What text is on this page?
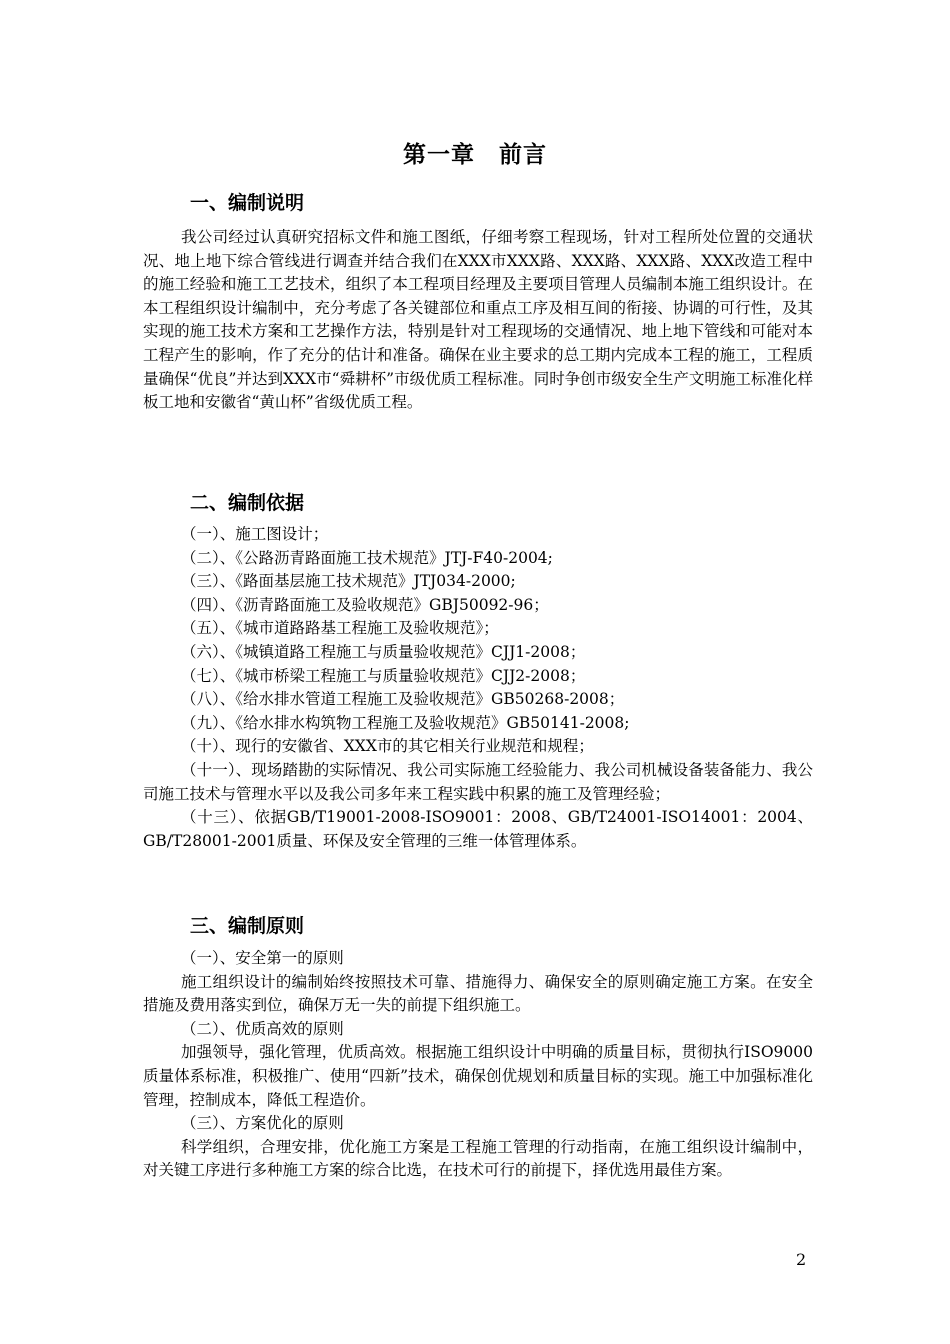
第一章　前言
一、编制说明
我公司经过认真研究招标文件和施工图纸，仔细考察工程现场，针对工程所处位置的交通状况、地上地下综合管线进行调查并结合我们在XXX市XXX路、XXX路、XXX路、XXX改造工程中的施工经验和施工工艺技术，组织了本工程项目经理及主要项目管理人员编制本施工组织设计。在本工程组织设计编制中，充分考虑了各关键部位和重点工序及相互间的衔接、协调的可行性，及其实现的施工技术方案和工艺操作方法，特别是针对工程现场的交通情况、地上地下管线和可能对本工程产生的影响，作了充分的估计和准备。确保在业主要求的总工期内完成本工程的施工，工程质量确保“优良”并达到XXX市“舜耕杯”市级优质工程标准。同时争创市级安全生产文明施工标准化样板工地和安徽省“黄山杯”省级优质工程。
二、编制依据
（一）、施工图设计；
（二）、《公路沥青路面施工技术规范》JTJ-F40-2004;
（三）、《路面基层施工技术规范》JTJ034-2000;
（四）、《沥青路面施工及验收规范》GBJ50092-96；
（五）、《城市道路路基工程施工及验收规范》；
（六）、《城镇道路工程施工与质量验收规范》CJJ1-2008；
（七）、《城市桥梁工程施工与质量验收规范》CJJ2-2008；
（八）、《给水排水管道工程施工及验收规范》GB50268-2008；
（九）、《给水排水构筑物工程施工及验收规范》GB50141-2008;
（十）、现行的安徽省、XXX市的其它相关行业规范和规程；
（十一）、现场踏勘的实际情况、我公司实际施工经验能力、我公司机械设备装备能力、我公司施工技术与管理水平以及我公司多年来工程实践中积累的施工及管理经验；
（十三）、依据GB/T19001-2008-ISO9001：2008、GB/T24001-ISO14001：2004、GB/T28001-2001质量、环保及安全管理的三维一体管理体系。
三、编制原则
（一）、安全第一的原则
施工组织设计的编制始终按照技术可靠、措施得力、确保安全的原则确定施工方案。在安全措施及费用落实到位，确保万无一失的前提下组织施工。
（二）、优质高效的原则
加强领导，强化管理，优质高效。根据施工组织设计中明确的质量目标，贯彻执行ISO9000质量体系标准，积极推广、使用“四新”技术，确保创优规划和质量目标的实现。施工中加强标准化管理，控制成本，降低工程造价。
（三）、方案优化的原则
科学组织，合理安排，优化施工方案是工程施工管理的行动指南，在施工组织设计编制中，对关键工序进行多种施工方案的综合比选，在技术可行的前提下，择优选用最佳方案。
2
